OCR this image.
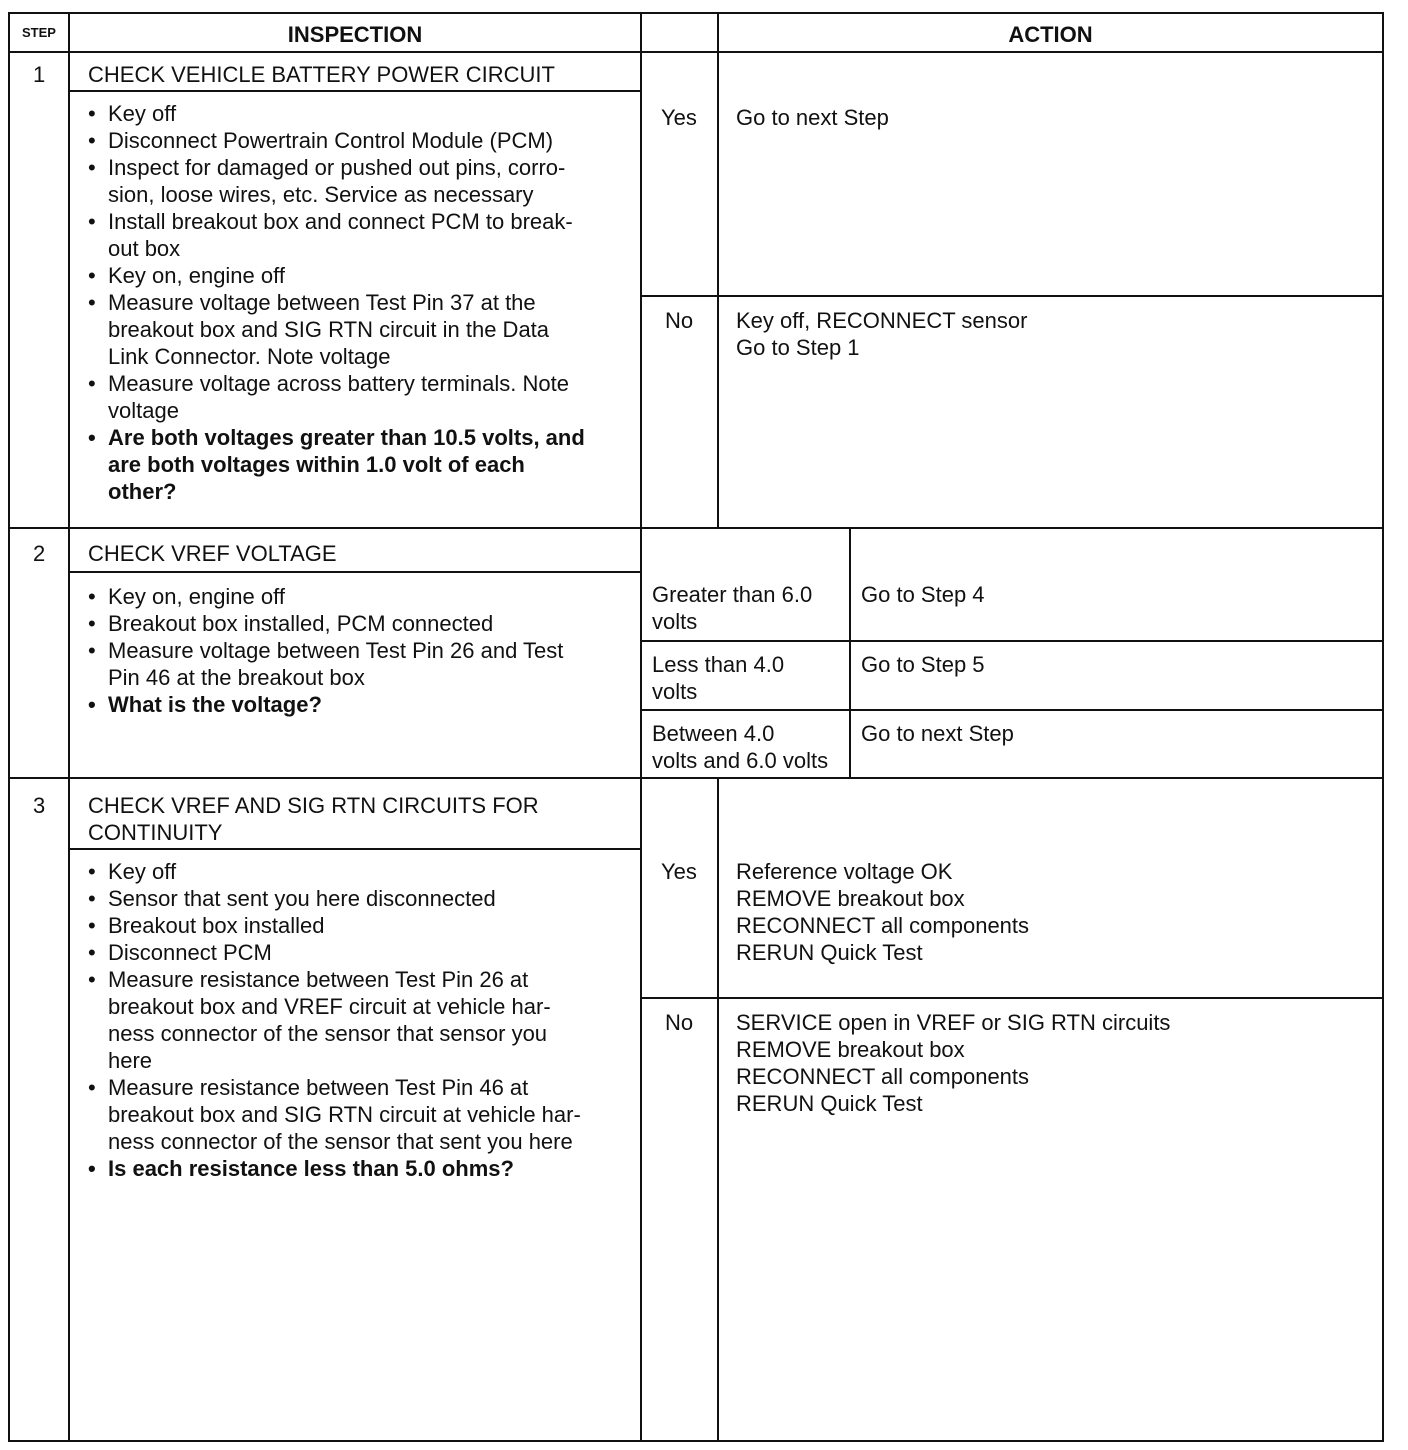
STEP	INSPECTION	ACTION
1 CHECK VEHICLE BATTERY POWER CIRCUIT
• Key off
• Disconnect Powertrain Control Module (PCM)
• Inspect for damaged or pushed out pins, corro-
sion, loose wires, etc. Service as necessary
• Install breakout box and connect PCM to break-
out box
• Key on, engine off
• Measure voltage between Test Pin 37 at the
breakout box and SIG RTN circuit in the Data
Link Connector. Note voltage
• Measure voltage across battery terminals. Note
voltage
• Are both voltages greater than 10.5 volts, and
are both voltages within 1.0 volt of each
other?
Yes Go to next Step
No Key off, RECONNECT sensor
Go to Step 1
2 CHECK VREF VOLTAGE
• Key on, engine off
• Breakout box installed, PCM connected
• Measure voltage between Test Pin 26 and Test
Pin 46 at the breakout box
• What is the voltage?
Greater than 6.0
volts
Go to Step 4
Less than 4.0
volts
Go to Step 5
Between 4.0
volts and 6.0 volts
Go to next Step
3 CHECK VREF AND SIG RTN CIRCUITS FOR
CONTINUITY
• Key off
• Sensor that sent you here disconnected
• Breakout box installed
• Disconnect PCM
• Measure resistance between Test Pin 26 at
breakout box and VREF circuit at vehicle har-
ness connector of the sensor that sensor you
here
• Measure resistance between Test Pin 46 at
breakout box and SIG RTN circuit at vehicle har-
ness connector of the sensor that sent you here
• Is each resistance less than 5.0 ohms?
Yes Reference voltage OK
REMOVE breakout box
RECONNECT all components
RERUN Quick Test
No SERVICE open in VREF or SIG RTN circuits
REMOVE breakout box
RECONNECT all components
RERUN Quick Test
